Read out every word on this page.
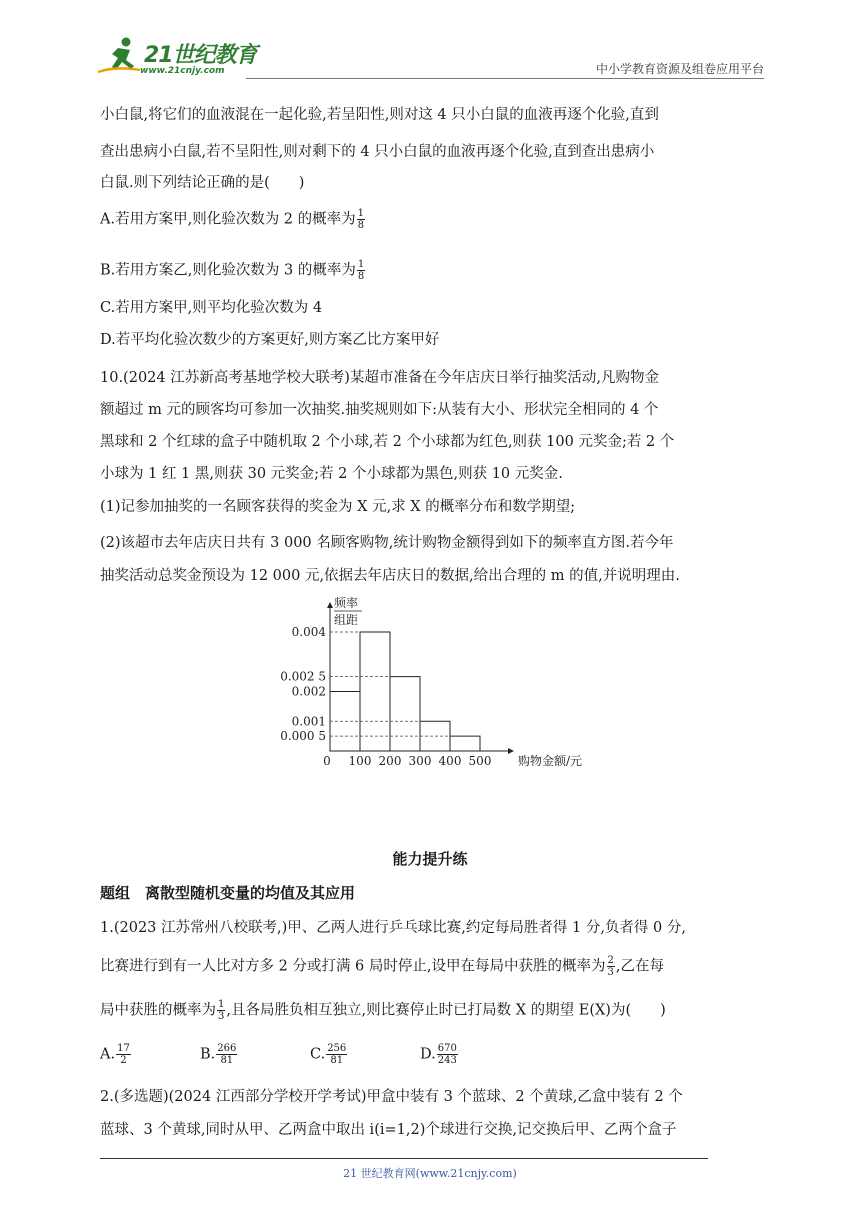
21世纪教育
www.21cnjy.com	中小学教育资源及组卷应用平台
小白鼠,将它们的血液混在一起化验,若呈阳性,则对这 4 只小白鼠的血液再逐个化验,直到
查出患病小白鼠,若不呈阳性,则对剩下的 4 只小白鼠的血液再逐个化验,直到查出患病小
白鼠.则下列结论正确的是(　　)
A.若用方案甲,则化验次数为 2 的概率为 $\frac{1}{8}$
B.若用方案乙,则化验次数为 3 的概率为 $\frac{1}{8}$
C.若用方案甲,则平均化验次数为 4
D.若平均化验次数少的方案更好,则方案乙比方案甲好
10.(2024 江苏新高考基地学校大联考)某超市准备在今年店庆日举行抽奖活动,凡购物金
额超过 m 元的顾客均可参加一次抽奖.抽奖规则如下:从装有大小、形状完全相同的 4 个
黑球和 2 个红球的盒子中随机取 2 个小球,若 2 个小球都为红色,则获 100 元奖金;若 2 个
小球为 1 红 1 黑,则获 30 元奖金;若 2 个小球都为黑色,则获 10 元奖金.
(1)记参加抽奖的一名顾客获得的奖金为 X 元,求 X 的概率分布和数学期望;
(2)该超市去年店庆日共有 3 000 名顾客购物,统计购物金额得到如下的频率直方图.若今年
抽奖活动总奖金预设为 12 000 元,依据去年店庆日的数据,给出合理的 m 的值,并说明理由.
0.004
0.002 5
0.002
0.001
0.000 5
0 100 200 300 400 500 购物金额/元
频率
组距
能力提升练
题组　离散型随机变量的均值及其应用
1.(2023 江苏常州八校联考,)甲、乙两人进行乒乓球比赛,约定每局胜者得 1 分,负者得 0 分,
比赛进行到有一人比对方多 2 分或打满 6 局时停止,设甲在每局中获胜的概率为 $\frac{2}{3}$ ,乙在每
局中获胜的概率为 $\frac{1}{3}$ ,且各局胜负相互独立,则比赛停止时已打局数 X 的期望 E(X)为(　　)
A. $\frac{17}{2}$	B. $\frac{266}{81}$	C. $\frac{256}{81}$	D. $\frac{670}{243}$
2.(多选题)(2024 江西部分学校开学考试)甲盒中装有 3 个蓝球、2 个黄球,乙盒中装有 2 个
蓝球、3 个黄球,同时从甲、乙两盒中取出 i(i=1,2)个球进行交换,记交换后甲、乙两个盒子
21 世纪教育网(www.21cnjy.com)
